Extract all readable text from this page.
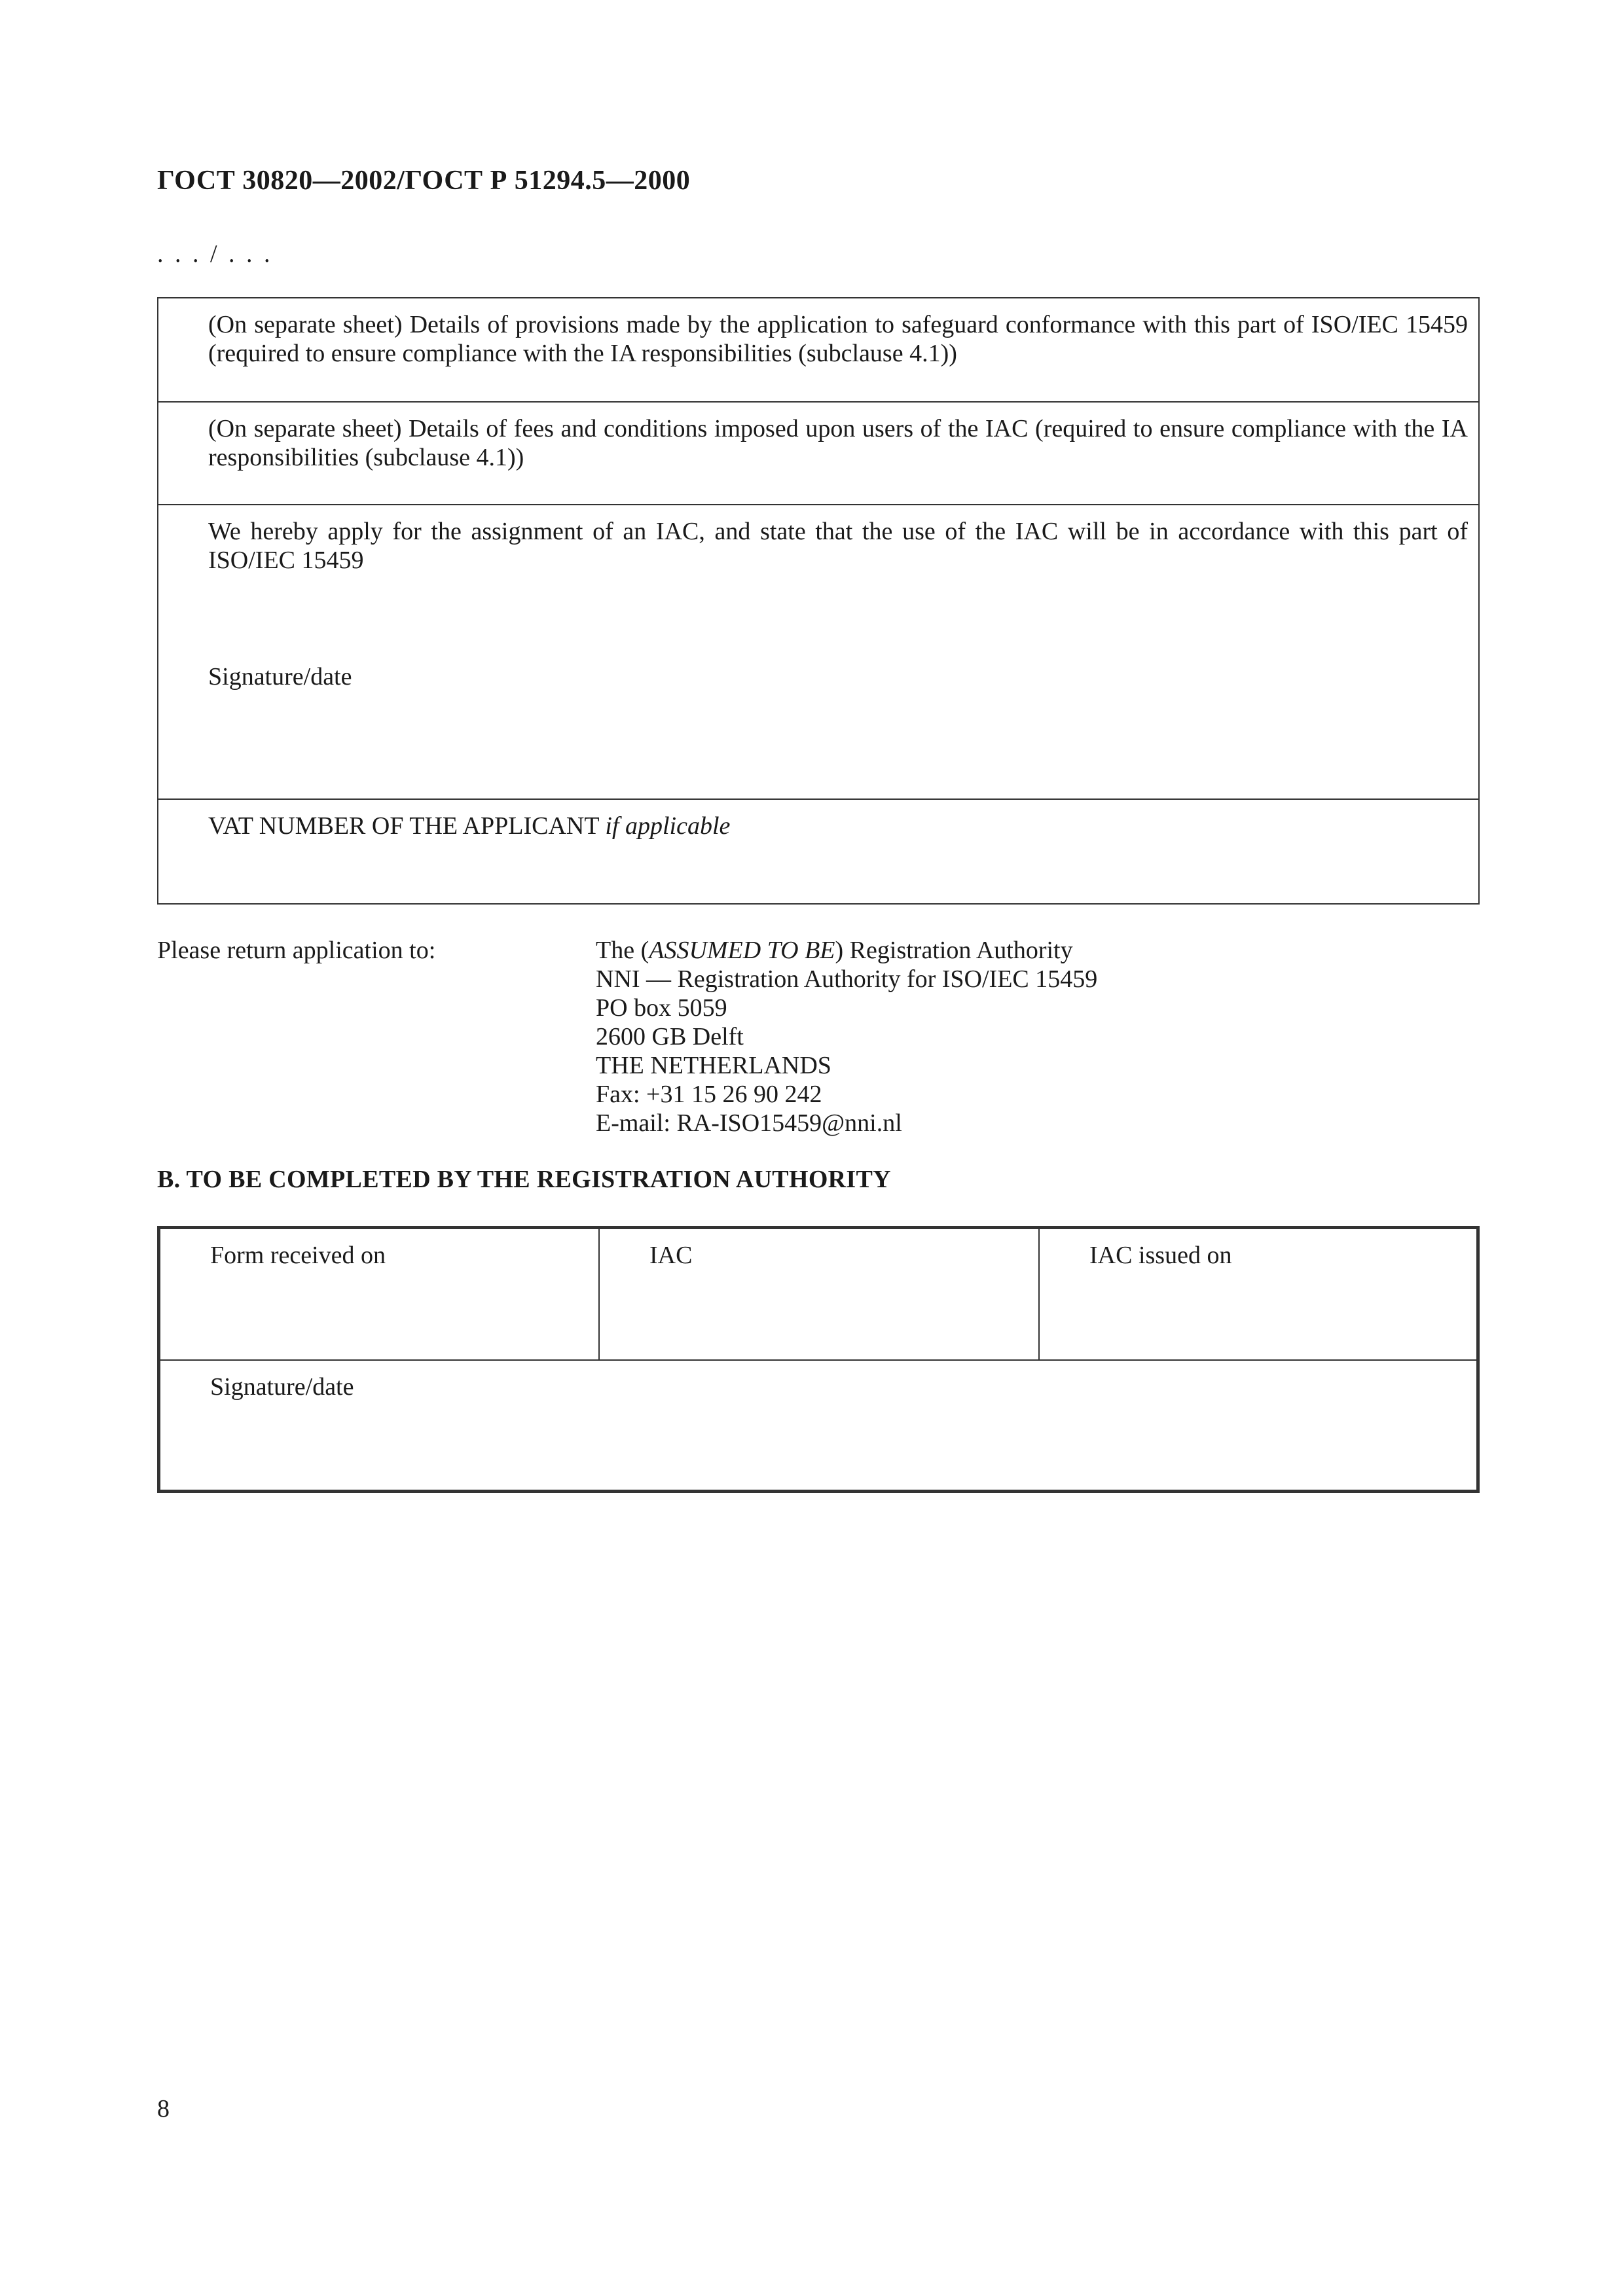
ГОСТ 30820—2002/ГОСТ Р 51294.5—2000
. . . / . . .
(On separate sheet) Details of provisions made by the application to safeguard conformance with this part of ISO/IEC 15459 (required to ensure compliance with the IA responsibilities (subclause 4.1))
(On separate sheet) Details of fees and conditions imposed upon users of the IAC (required to ensure compliance with the IA responsibilities (subclause 4.1))
We hereby apply for the assignment of an IAC, and state that the use of the IAC will be in accordance with this part of ISO/IEC 15459
Signature/date
VAT NUMBER OF THE APPLICANT if applicable
Please return application to:	The (ASSUMED TO BE) Registration Authority
NNI — Registration Authority for ISO/IEC 15459
PO box 5059
2600 GB Delft
THE NETHERLANDS
Fax: +31 15 26 90 242
E-mail: RA-ISO15459@nni.nl
B. TO BE COMPLETED BY THE REGISTRATION AUTHORITY
Form received on	IAC	IAC issued on
Signature/date
8
